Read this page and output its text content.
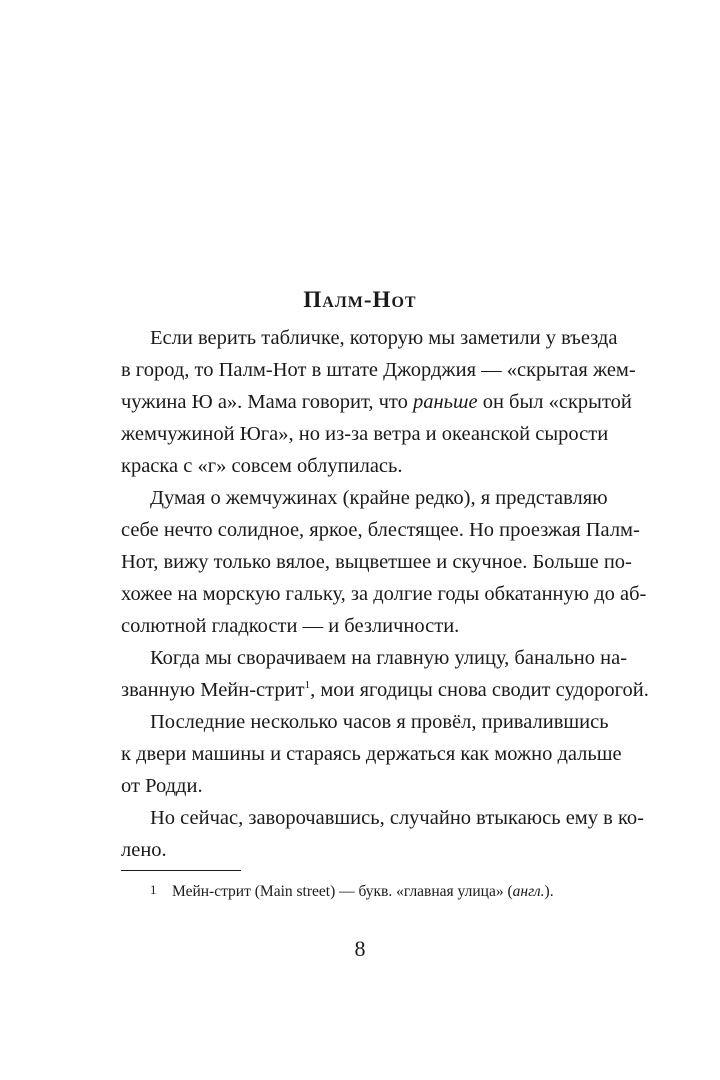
Палм-Нот
Если верить табличке, которую мы заметили у въезда
в город, то Палм-Нот в штате Джорджия — «скрытая жем-
чужина Ю а». Мама говорит, что раньше он был «скрытой
жемчужиной Юга», но из-за ветра и океанской сырости
краска с «г» совсем облупилась.
Думая о жемчужинах (крайне редко), я представляю
себе нечто солидное, яркое, блестящее. Но проезжая Палм-
Нот, вижу только вялое, выцветшее и скучное. Больше по-
хожее на морскую гальку, за долгие годы обкатанную до аб-
солютной гладкости — и безличности.
Когда мы сворачиваем на главную улицу, банально на-
званную Мейн-стрит$^1$, мои ягодицы снова сводит судорогой.
Последние несколько часов я провёл, привалившись
к двери машины и стараясь держаться как можно дальше
от Родди.
Но сейчас, заворочавшись, случайно втыкаюсь ему в ко-
лено.
1 Мейн-стрит (Main street) — букв. «главная улица» (англ.).
8
